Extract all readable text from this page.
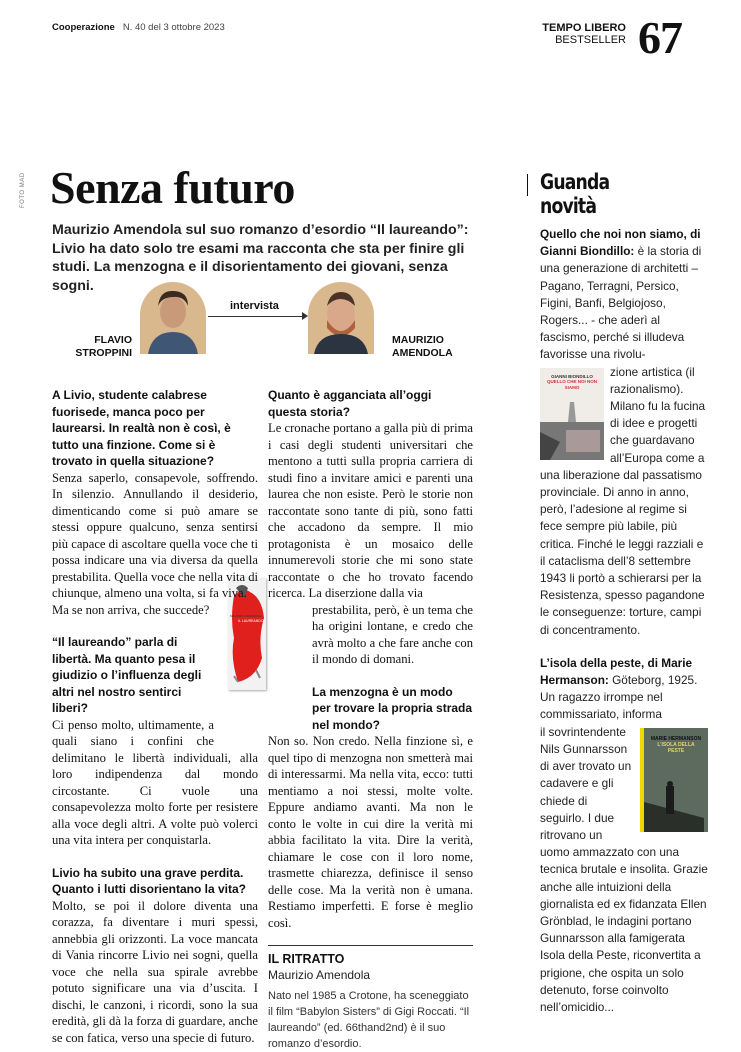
Cooperazione N. 40 del 3 ottobre 2023	TEMPO LIBERO
BESTSELLER 67
FOTO MAD Senza futuro
Maurizio Amendola sul suo romanzo d’esordio “Il laureando”: Livio ha dato solo tre esami ma racconta che sta per finire gli studi. La menzogna e il disorientamento dei giovani, senza sogni.
FLAVIO
STROPPINI
intervista
MAURIZIO
AMENDOLA
MAURIZIO AMENDOLA
IL LAUREANDO

A Livio, studente calabrese fuorisede, manca poco per laurearsi. In realtà non è così, è tutto una finzione. Come si è trovato in quella situazione?

Senza saperlo, consapevole, soffrendo. In silenzio. Annullando il desiderio, dimenticando come si può amare se stessi oppure qualcuno, senza sentirsi più capace di ascoltare quella voce che ti possa indicare una via diversa da quella prestabilita. Quella voce che nella vita di chiunque, almeno una volta, si fa viva.

Ma se non arriva, che succede?

“Il laureando” parla di libertà. Ma quanto pesa il giudizio o l’influenza degli altri nel nostro sentirci liberi?

Ci penso molto, ultimamente, a quali siano i confini che delimitano le libertà individuali, alla loro indipendenza dal mondo circostante. Ci vuole una consapevolezza molto forte per resistere alla voce degli altri. A volte può volerci una vita intera per conquistarla.

Livio ha subito una grave perdita. Quanto i lutti disorientano la vita?

Molto, se poi il dolore diventa una corazza, fa diventare i muri spessi, annebbia gli orizzonti. La voce mancata di Vania rincorre Livio nei sogni, quella voce che nella sua spirale avrebbe potuto significare una via d’uscita. I dischi, le canzoni, i ricordi, sono la sua eredità, gli dà la forza di guardare, anche se con fatica, verso una specie di futuro.

Quanto è agganciata all’oggi questa storia?

Le cronache portano a galla più di prima i casi degli studenti universitari che mentono a tutti sulla propria carriera di studi fino a invitare amici e parenti una laurea che non esiste. Però le storie non raccontate sono tante di più, sono fatti che accadono da sempre. Il mio protagonista è un mosaico delle innumerevoli storie che mi sono state raccontate o che ho trovato facendo ricerca. La diserzione dalla via

prestabilita, però, è un tema che ha origini lontane, e credo che avrà molto a che fare anche con il mondo di domani.

La menzogna è un modo per trovare la propria strada nel mondo?

Non so. Non credo. Nella finzione sì, e quel tipo di menzogna non smetterà mai di interessarmi. Ma nella vita, ecco: tutti mentiamo a noi stessi, molte volte. Eppure andiamo avanti. Ma non le conto le volte in cui dire la verità mi abbia facilitato la vita. Dire la verità, chiamare le cose con il loro nome, trasmette chiarezza, definisce il senso delle cose. Ma la verità non è umana. Restiamo imperfetti. E forse è meglio così.

IL RITRATTO
Maurizio Amendola
Nato nel 1985 a Crotone, ha sceneggiato il film “Babylon Sisters” di Gigi Roccati. “Il laureando” (ed. 66thand2nd) è il suo romanzo d’esordio.
Guanda
novità

Quello che noi non siamo, di Gianni Biondillo: è la storia di una generazione di architetti – Pagano, Terragni, Persico, Figini, Banfi, Belgiojoso, Rogers... - che aderì al fascismo, perché si illudeva favorisse una rivolu-

GIANNI BIONDILLO
QUELLO CHE NOI NON SIAMO

zione artistica (il razionalismo). Milano fu la fucina di idee e progetti che guardavano all’Europa come a una liberazione dal passatismo provinciale. Di anno in anno, però, l’adesione al regime si fece sempre più labile, più critica. Finché le leggi razziali e il cataclisma dell’8 settembre 1943 li portò a schierarsi per la Resistenza, spesso pagandone le conseguenze: torture, campi di concentramento.

L’isola della peste, di Marie Hermanson: Göteborg, 1925. Un ragazzo irrompe nel commissariato, informa

MARIE HERMANSON
L’ISOLA DELLA PESTE

il sovrintendente Nils Gunnarsson di aver trovato un cadavere e gli chiede di seguirlo. I due ritrovano un uomo ammazzato con una tecnica brutale e insolita. Grazie anche alle intuizioni della giornalista ed ex fidanzata Ellen Grönblad, le indagini portano Gunnarsson alla famigerata Isola della Peste, riconvertita a prigione, che ospita un solo detenuto, forse coinvolto nell’omicidio...
